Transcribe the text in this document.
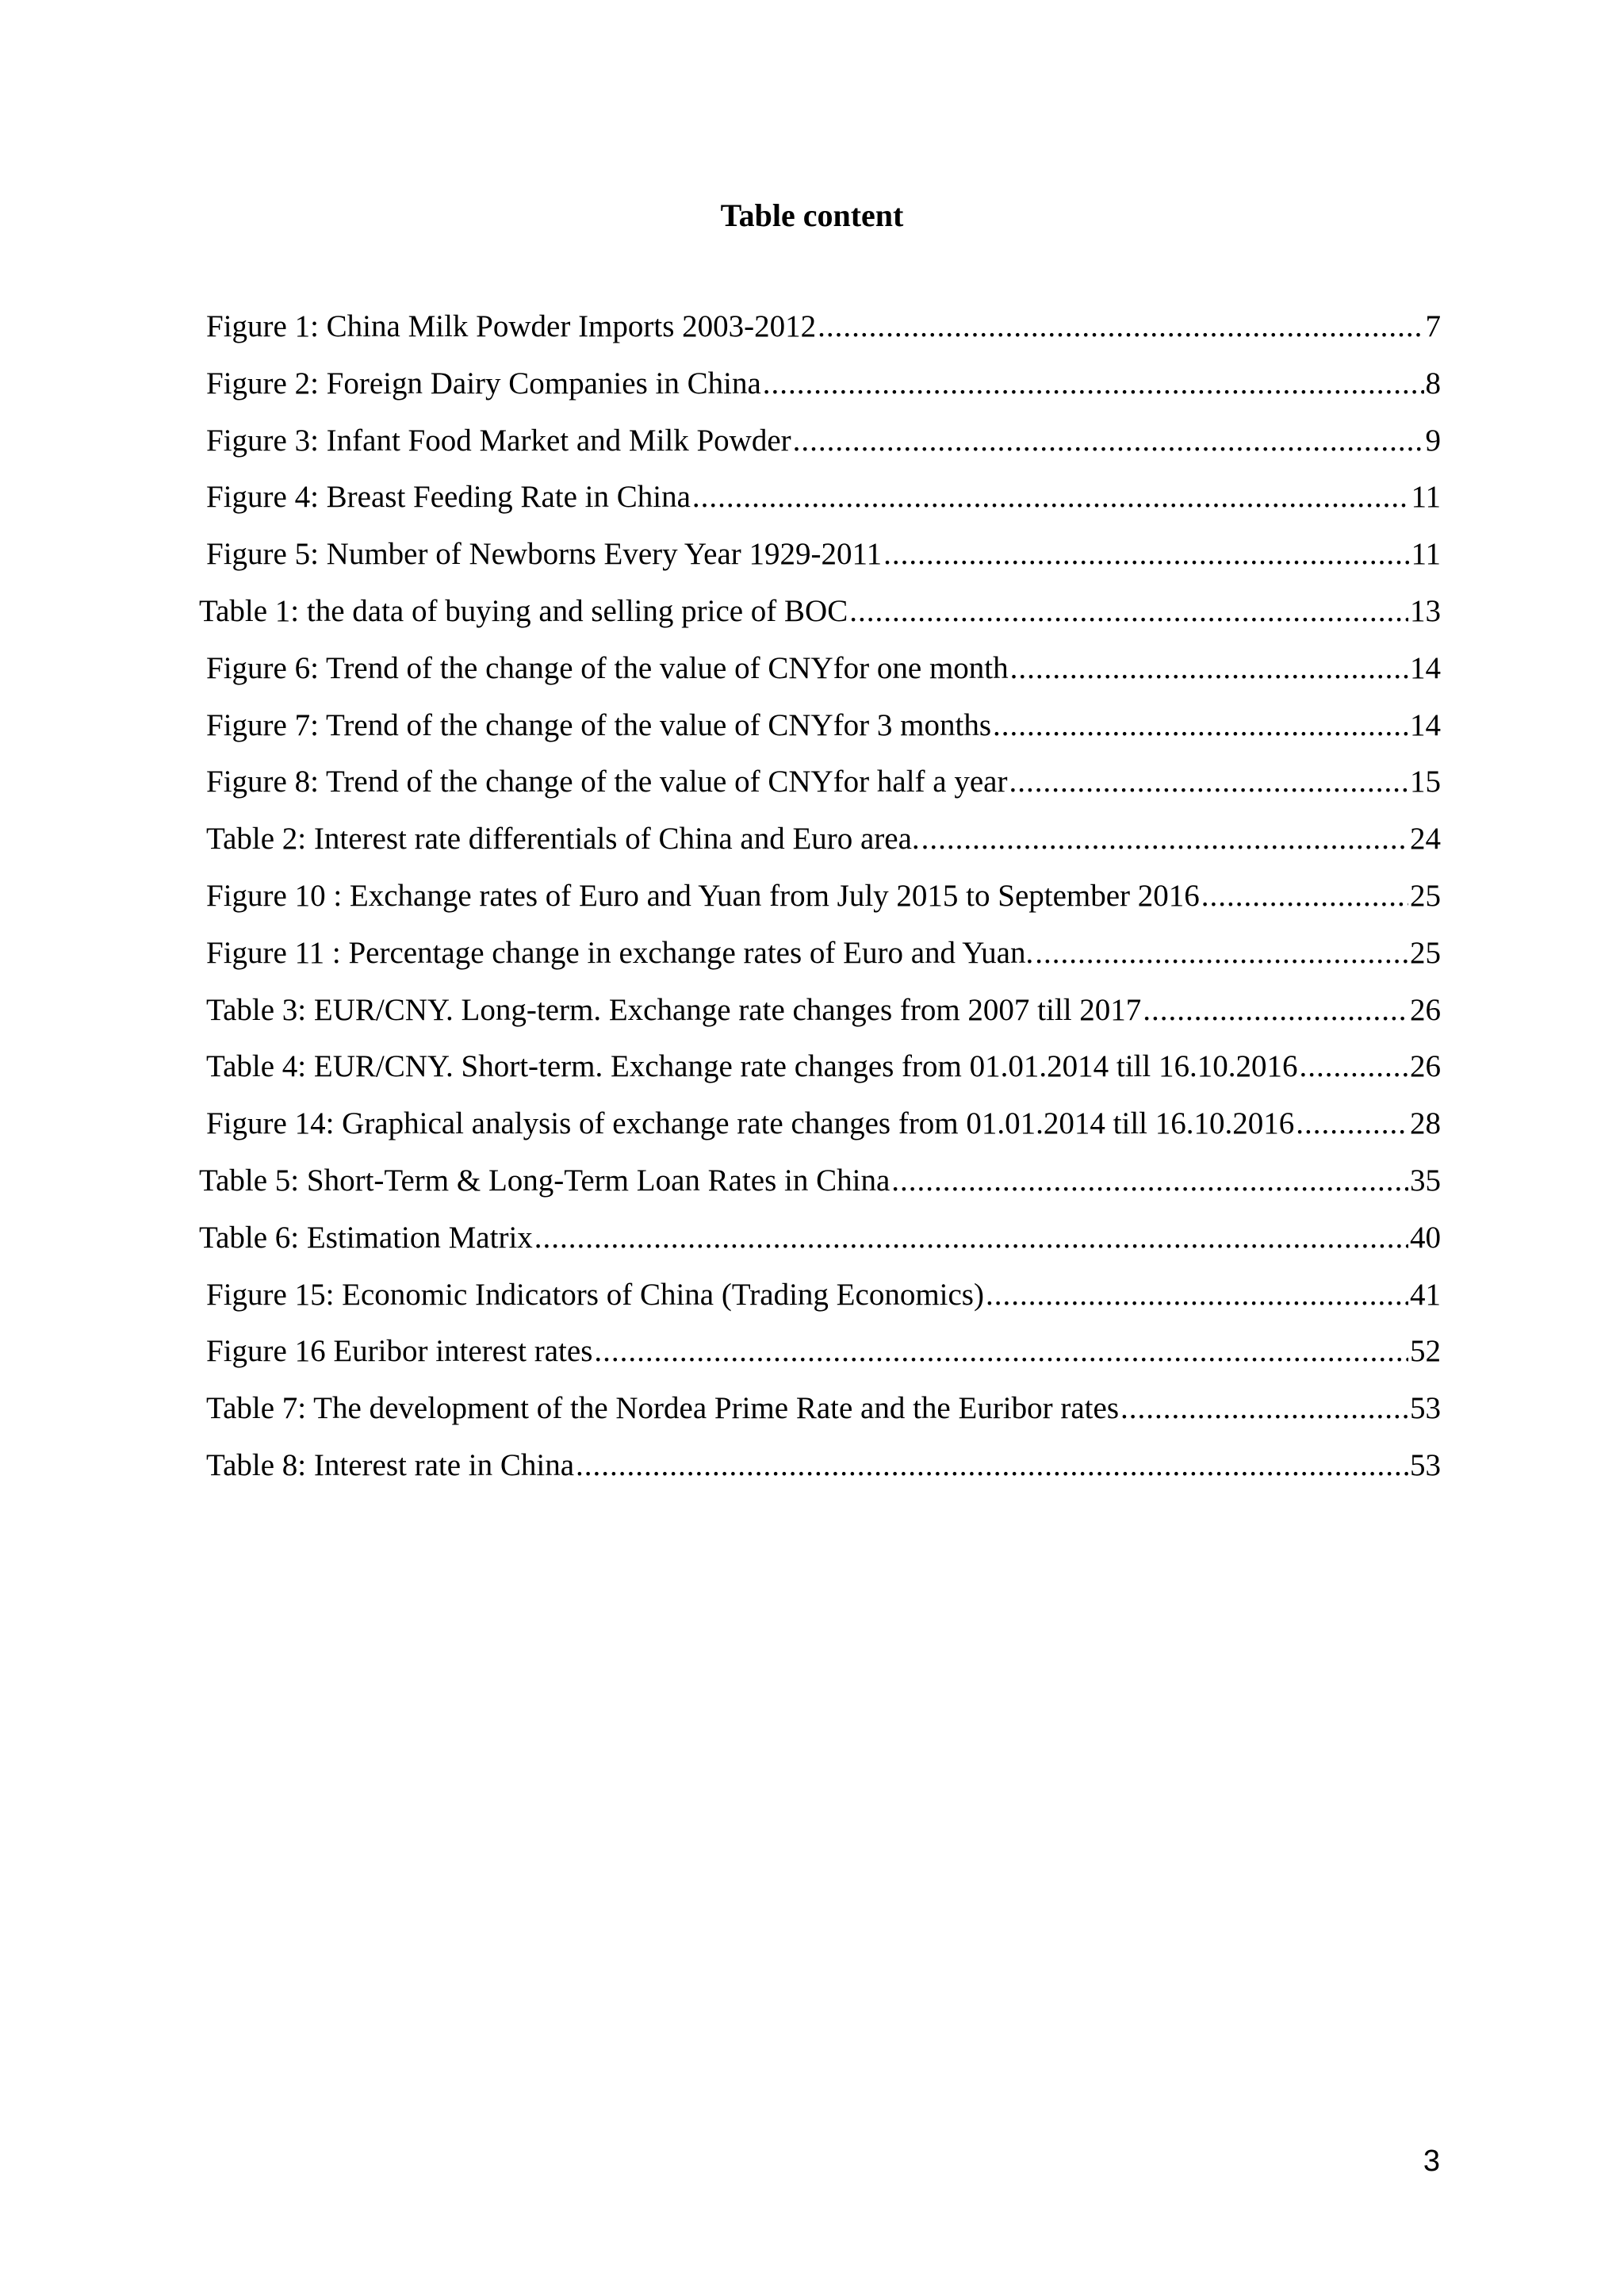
Table content
Figure 1: China Milk Powder Imports 2003-2012 .....	7
Figure 2: Foreign Dairy Companies in China .....	8
Figure 3: Infant Food Market and Milk Powder .....	9
Figure 4: Breast Feeding Rate in China .....	11
Figure 5: Number of Newborns Every Year 1929-2011 .....	11
Table 1: the data of buying and selling price of BOC .....	13
Figure 6: Trend of the change of the value of CNYfor one month .....	14
Figure 7: Trend of the change of the value of CNYfor 3 months .....	14
Figure 8: Trend of the change of the value of CNYfor half a year .....	15
Table 2: Interest rate differentials of China and Euro area. .....	24
Figure 10 : Exchange rates of Euro and Yuan from July 2015 to September 2016 .....	25
Figure 11 : Percentage change in exchange rates of Euro and Yuan. .....	25
Table 3: EUR/CNY. Long-term. Exchange rate changes from 2007 till 2017 .....	26
Table 4: EUR/CNY. Short-term. Exchange rate changes from 01.01.2014 till 16.10.2016 .....	26
Figure 14: Graphical analysis of exchange rate changes from 01.01.2014 till 16.10.2016 .....	28
Table 5: Short-Term & Long-Term Loan Rates in China .....	35
Table 6: Estimation Matrix .....	40
Figure 15: Economic Indicators of China (Trading Economics) .....	41
Figure 16 Euribor interest rates .....	52
Table 7: The development of the Nordea Prime Rate and the Euribor rates .....	53
Table 8: Interest rate in China .....	53
3
